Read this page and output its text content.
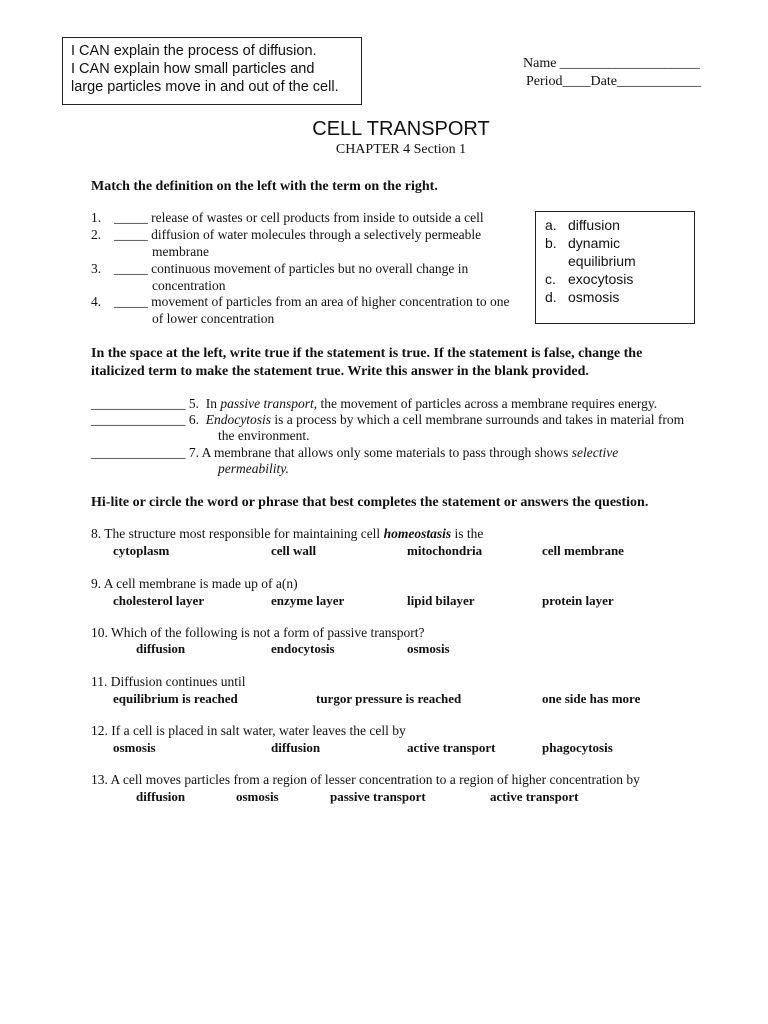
I CAN explain the process of diffusion.
I CAN explain how small particles and
large particles move in and out of the cell.
Name ____________________
Period____Date____________
CELL TRANSPORT
CHAPTER 4 Section 1
Match the definition on the left with the term on the right.
1. _____ release of wastes or cell products from inside to outside a cell
2. _____ diffusion of water molecules through a selectively permeable
membrane
3. _____ continuous movement of particles but no overall change in
concentration
4. _____ movement of particles from an area of higher concentration to one
of lower concentration
a. diffusion
b. dynamic
equilibrium
c. exocytosis
d. osmosis
In the space at the left, write true if the statement is true. If the statement is false, change the
italicized term to make the statement true. Write this answer in the blank provided.
______________ 5. In passive transport, the movement of particles across a membrane requires energy.
______________ 6. Endocytosis is a process by which a cell membrane surrounds and takes in material from
the environment.
______________ 7. A membrane that allows only some materials to pass through shows selective
permeability.
Hi-lite or circle the word or phrase that best completes the statement or answers the question.
8. The structure most responsible for maintaining cell homeostasis is the
cytoplasm	cell wall	mitochondria	cell membrane
9. A cell membrane is made up of a(n)
cholesterol layer	enzyme layer	lipid bilayer	protein layer
10. Which of the following is not a form of passive transport?
diffusion	endocytosis	osmosis
11. Diffusion continues until
equilibrium is reached	turgor pressure is reached	one side has more
12. If a cell is placed in salt water, water leaves the cell by
osmosis	diffusion	active transport	phagocytosis
13. A cell moves particles from a region of lesser concentration to a region of higher concentration by
diffusion	osmosis	passive transport	active transport
